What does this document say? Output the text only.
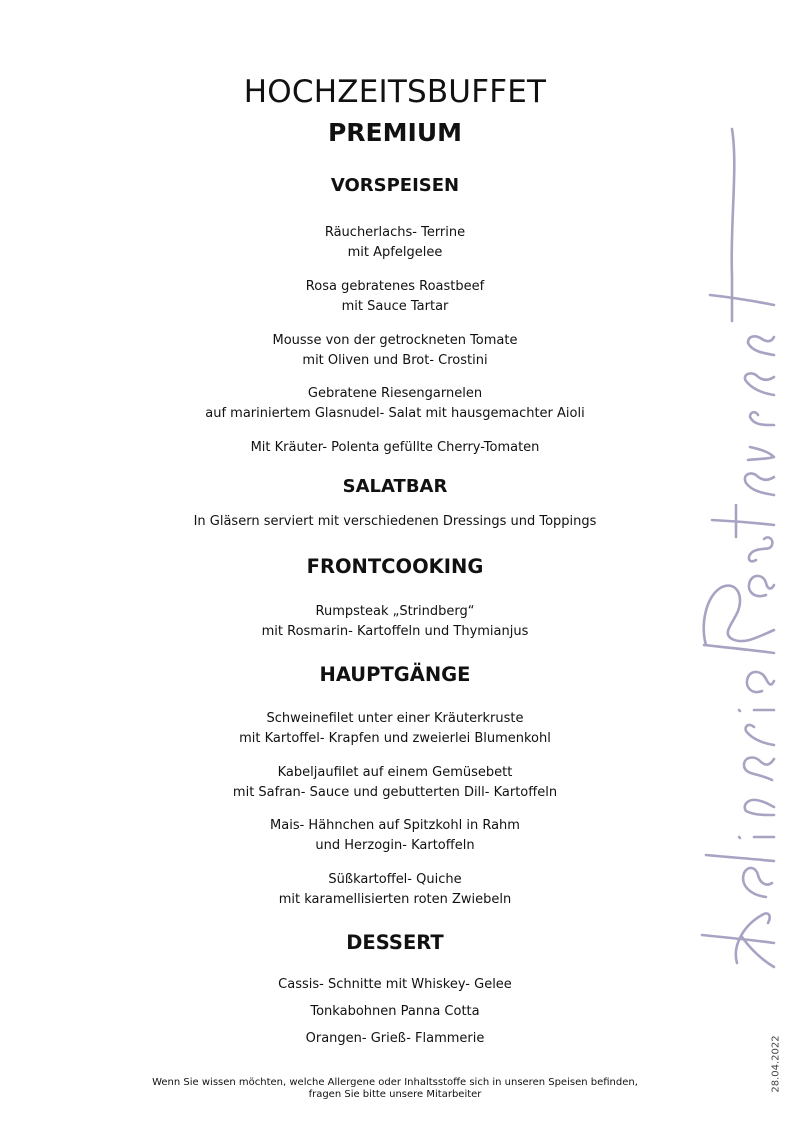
HOCHZEITSBUFFET
PREMIUM
VORSPEISEN
Räucherlachs- Terrine
mit Apfelgelee
Rosa gebratenes Roastbeef
mit Sauce Tartar
Mousse von der getrockneten Tomate
mit Oliven und Brot- Crostini
Gebratene Riesengarnelen
auf mariniertem Glasnudel- Salat mit hausgemachter Aioli
Mit Kräuter- Polenta gefüllte Cherry-Tomaten
SALATBAR
In Gläsern serviert mit verschiedenen Dressings und Toppings
FRONTCOOKING
Rumpsteak „Strindberg“
mit Rosmarin- Kartoffeln und Thymianjus
HAUPTGÄNGE
Schweinefilet unter einer Kräuterkruste
mit Kartoffel- Krapfen und zweierlei Blumenkohl
Kabeljaufilet auf einem Gemüsebett
mit Safran- Sauce und gebutterten Dill- Kartoffeln
Mais- Hähnchen auf Spitzkohl in Rahm
und Herzogin- Kartoffeln
Süßkartoffel- Quiche
mit karamellisierten roten Zwiebeln
DESSERT
Cassis- Schnitte mit Whiskey- Gelee
Tonkabohnen Panna Cotta
Orangen- Grieß- Flammerie
Wenn Sie wissen möchten, welche Allergene oder Inhaltsstoffe sich in unseren Speisen befinden,
fragen Sie bitte unsere Mitarbeiter
28.04.2022
